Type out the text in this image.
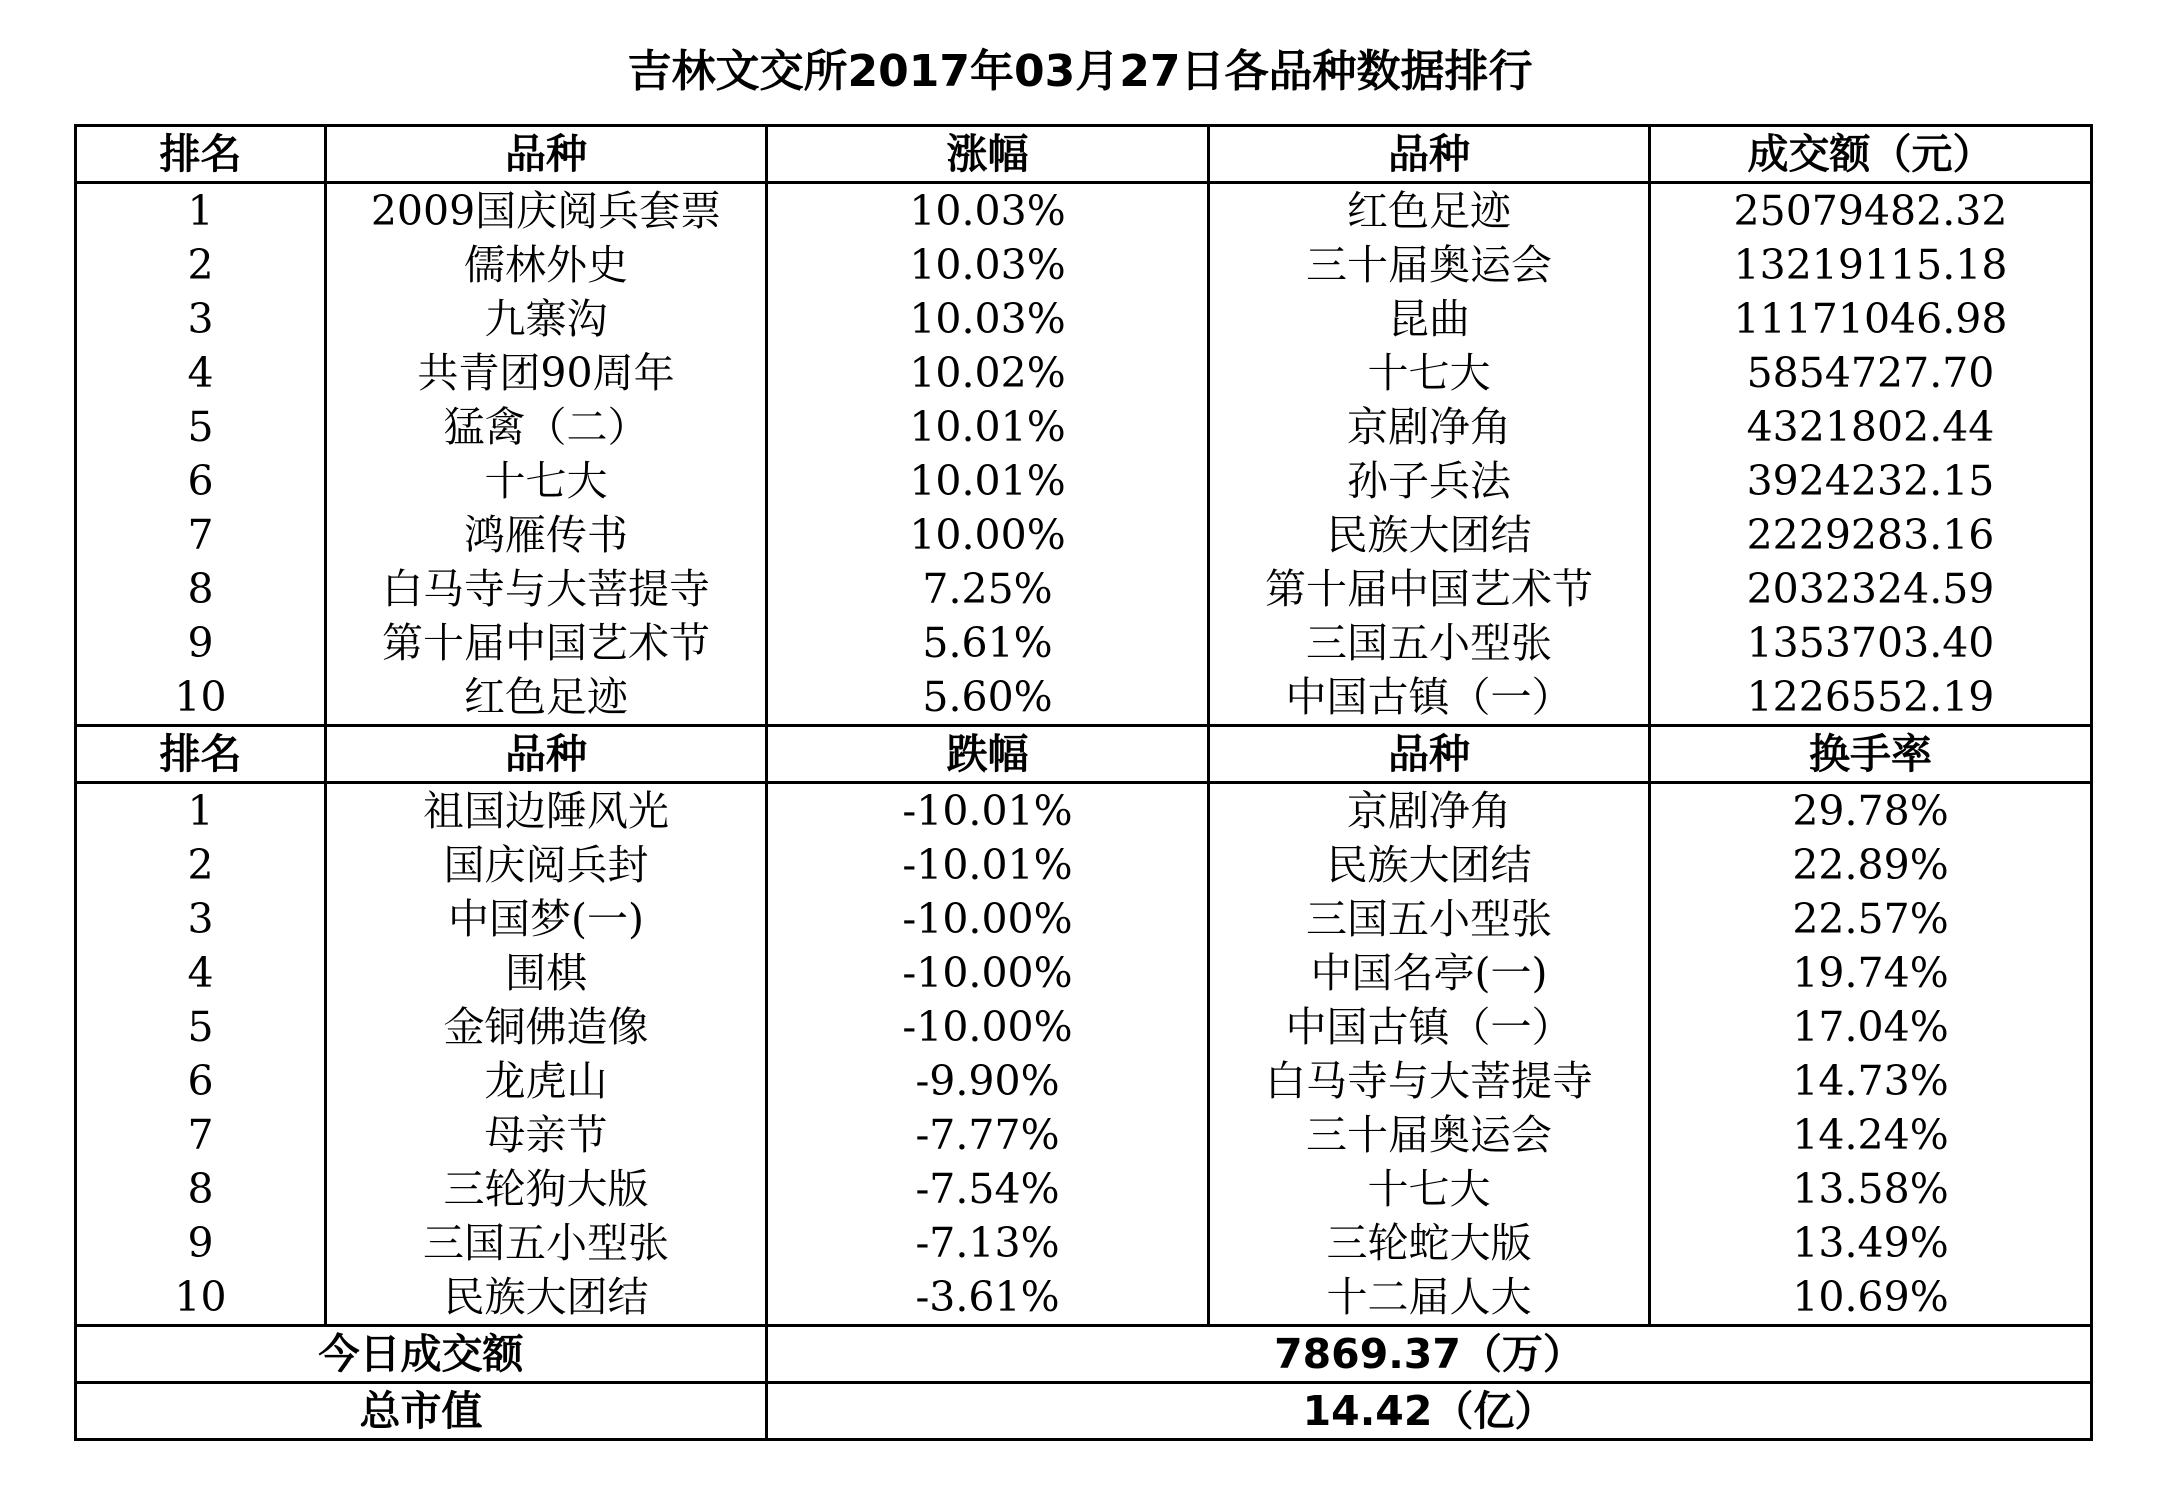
吉林文交所2017年03月27日各品种数据排行
排名	品种	涨幅	品种	成交额（元）
1	2009国庆阅兵套票	10.03%	红色足迹	25079482.32
2	儒林外史	10.03%	三十届奥运会	13219115.18
3	九寨沟	10.03%	昆曲	11171046.98
4	共青团90周年	10.02%	十七大	5854727.70
5	猛禽（二）	10.01%	京剧净角	4321802.44
6	十七大	10.01%	孙子兵法	3924232.15
7	鸿雁传书	10.00%	民族大团结	2229283.16
8	白马寺与大菩提寺	7.25%	第十届中国艺术节	2032324.59
9	第十届中国艺术节	5.61%	三国五小型张	1353703.40
10	红色足迹	5.60%	中国古镇（一）	1226552.19
排名	品种	跌幅	品种	换手率
1	祖国边陲风光	-10.01%	京剧净角	29.78%
2	国庆阅兵封	-10.01%	民族大团结	22.89%
3	中国梦(一)	-10.00%	三国五小型张	22.57%
4	围棋	-10.00%	中国名亭(一)	19.74%
5	金铜佛造像	-10.00%	中国古镇（一）	17.04%
6	龙虎山	-9.90%	白马寺与大菩提寺	14.73%
7	母亲节	-7.77%	三十届奥运会	14.24%
8	三轮狗大版	-7.54%	十七大	13.58%
9	三国五小型张	-7.13%	三轮蛇大版	13.49%
10	民族大团结	-3.61%	十二届人大	10.69%
今日成交额		7869.37（万）		
总市值		14.42（亿）		
